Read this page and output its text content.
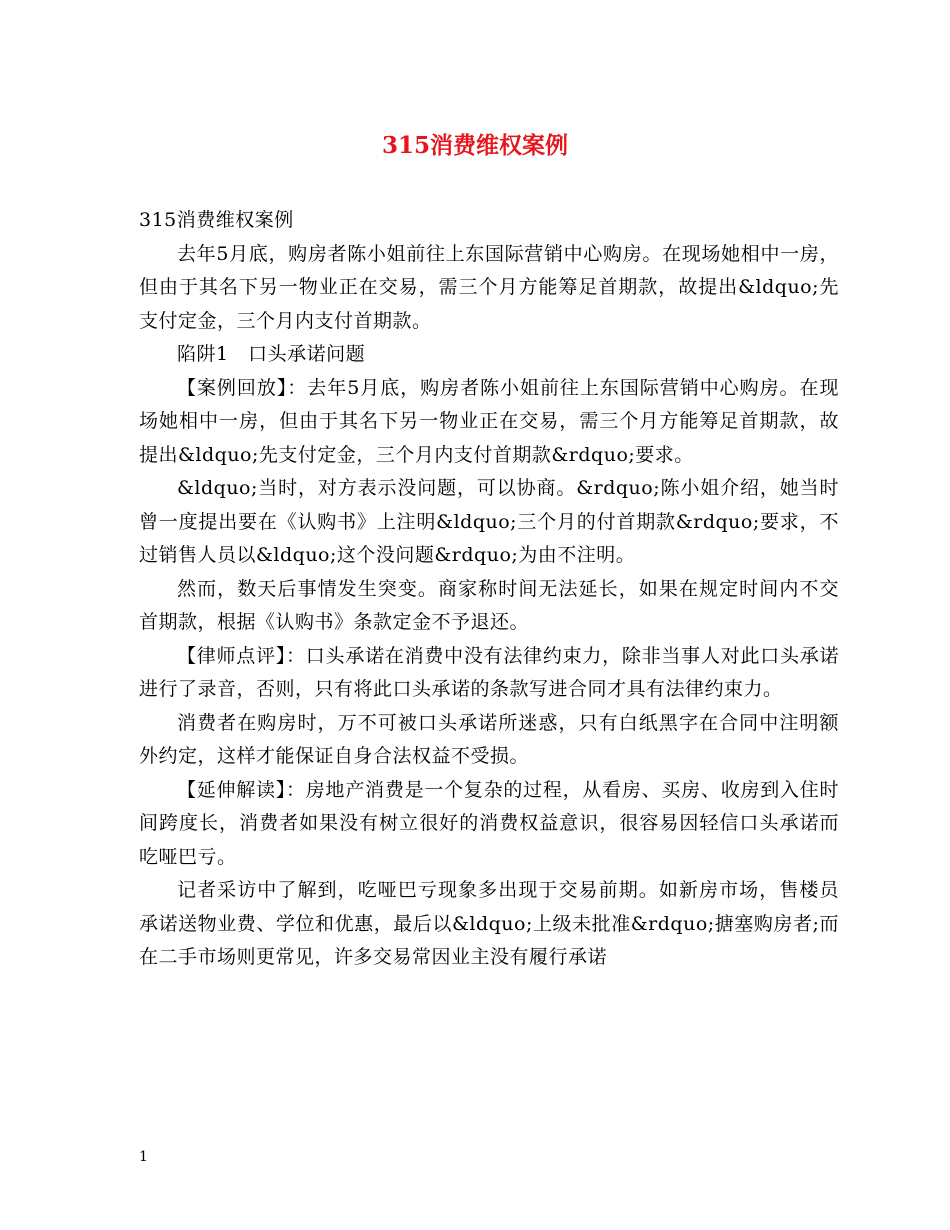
315消费维权案例

315消费维权案例

去年5月底，购房者陈小姐前往上东国际营销中心购房。在现场她相中一房，但由于其名下另一物业正在交易，需三个月方能筹足首期款，故提出&ldquo;先支付定金，三个月内支付首期款。

陷阱1　口头承诺问题

【案例回放】：去年5月底，购房者陈小姐前往上东国际营销中心购房。在现场她相中一房，但由于其名下另一物业正在交易，需三个月方能筹足首期款，故提出&ldquo;先支付定金，三个月内支付首期款&rdquo;要求。

&ldquo;当时，对方表示没问题，可以协商。&rdquo;陈小姐介绍，她当时曾一度提出要在《认购书》上注明&ldquo;三个月的付首期款&rdquo;要求，不过销售人员以&ldquo;这个没问题&rdquo;为由不注明。

然而，数天后事情发生突变。商家称时间无法延长，如果在规定时间内不交首期款，根据《认购书》条款定金不予退还。

【律师点评】：口头承诺在消费中没有法律约束力，除非当事人对此口头承诺进行了录音，否则，只有将此口头承诺的条款写进合同才具有法律约束力。

消费者在购房时，万不可被口头承诺所迷惑，只有白纸黑字在合同中注明额外约定，这样才能保证自身合法权益不受损。

【延伸解读】：房地产消费是一个复杂的过程，从看房、买房、收房到入住时间跨度长，消费者如果没有树立很好的消费权益意识，很容易因轻信口头承诺而吃哑巴亏。

记者采访中了解到，吃哑巴亏现象多出现于交易前期。如新房市场，售楼员承诺送物业费、学位和优惠，最后以&ldquo;上级未批准&rdquo;搪塞购房者;而在二手市场则更常见，许多交易常因业主没有履行承诺

1
